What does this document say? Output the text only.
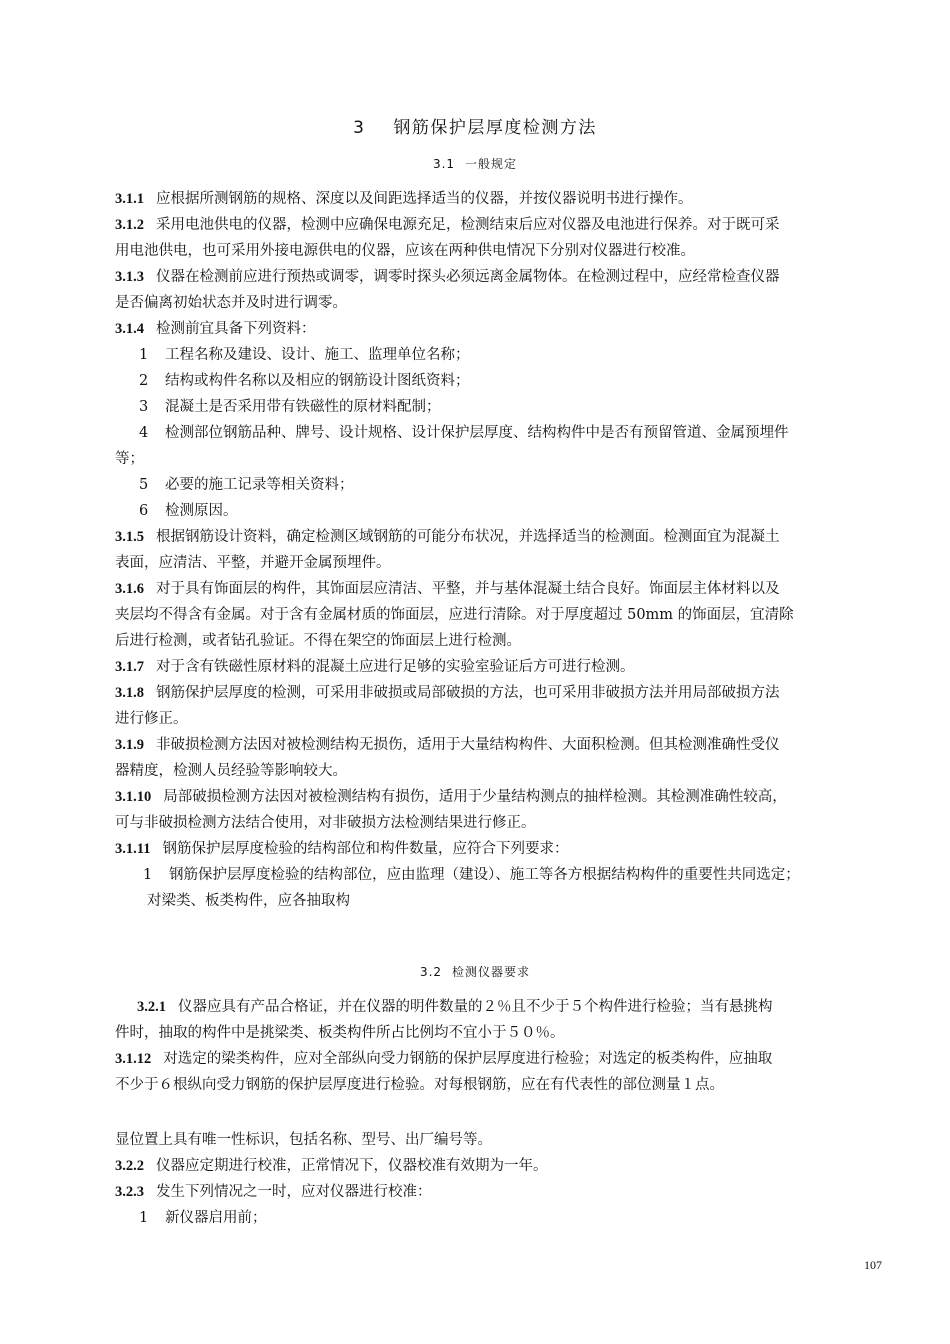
3 钢筋保护层厚度检测方法
3.1 一般规定
3.1.1 应根据所测钢筋的规格、深度以及间距选择适当的仪器，并按仪器说明书进行操作。
3.1.2 采用电池供电的仪器，检测中应确保电源充足，检测结束后应对仪器及电池进行保养。对于既可采
用电池供电，也可采用外接电源供电的仪器，应该在两种供电情况下分别对仪器进行校准。
3.1.3 仪器在检测前应进行预热或调零，调零时探头必须远离金属物体。在检测过程中，应经常检查仪器
是否偏离初始状态并及时进行调零。
3.1.4 检测前宜具备下列资料：
1 工程名称及建设、设计、施工、监理单位名称；
2 结构或构件名称以及相应的钢筋设计图纸资料；
3 混凝土是否采用带有铁磁性的原材料配制；
4 检测部位钢筋品种、牌号、设计规格、设计保护层厚度、结构构件中是否有预留管道、金属预埋件
等；
5 必要的施工记录等相关资料；
6 检测原因。
3.1.5 根据钢筋设计资料，确定检测区域钢筋的可能分布状况，并选择适当的检测面。检测面宜为混凝土
表面，应清洁、平整，并避开金属预埋件。
3.1.6 对于具有饰面层的构件，其饰面层应清洁、平整，并与基体混凝土结合良好。饰面层主体材料以及
夹层均不得含有金属。对于含有金属材质的饰面层，应进行清除。对于厚度超过 50mm 的饰面层，宜清除
后进行检测，或者钻孔验证。不得在架空的饰面层上进行检测。
3.1.7 对于含有铁磁性原材料的混凝土应进行足够的实验室验证后方可进行检测。
3.1.8 钢筋保护层厚度的检测，可采用非破损或局部破损的方法，也可采用非破损方法并用局部破损方法
进行修正。
3.1.9 非破损检测方法因对被检测结构无损伤，适用于大量结构构件、大面积检测。但其检测准确性受仪
器精度，检测人员经验等影响较大。
3.1.10 局部破损检测方法因对被检测结构有损伤，适用于少量结构测点的抽样检测。其检测准确性较高，
可与非破损检测方法结合使用，对非破损方法检测结果进行修正。
3.1.11 钢筋保护层厚度检验的结构部位和构件数量，应符合下列要求：
1 钢筋保护层厚度检验的结构部位，应由监理（建设）、施工等各方根据结构构件的重要性共同选定；
对梁类、板类构件，应各抽取构
3.2 检测仪器要求
3.2.1 仪器应具有产品合格证，并在仪器的明件数量的２％且不少于５个构件进行检验；当有悬挑构
件时，抽取的构件中是挑梁类、板类构件所占比例均不宜小于５０％。
3.1.12 对选定的梁类构件，应对全部纵向受力钢筋的保护层厚度进行检验；对选定的板类构件，应抽取
不少于６根纵向受力钢筋的保护层厚度进行检验。对每根钢筋，应在有代表性的部位测量１点。
显位置上具有唯一性标识，包括名称、型号、出厂编号等。
3.2.2 仪器应定期进行校准，正常情况下，仪器校准有效期为一年。
3.2.3 发生下列情况之一时，应对仪器进行校准：
1 新仪器启用前；
107
